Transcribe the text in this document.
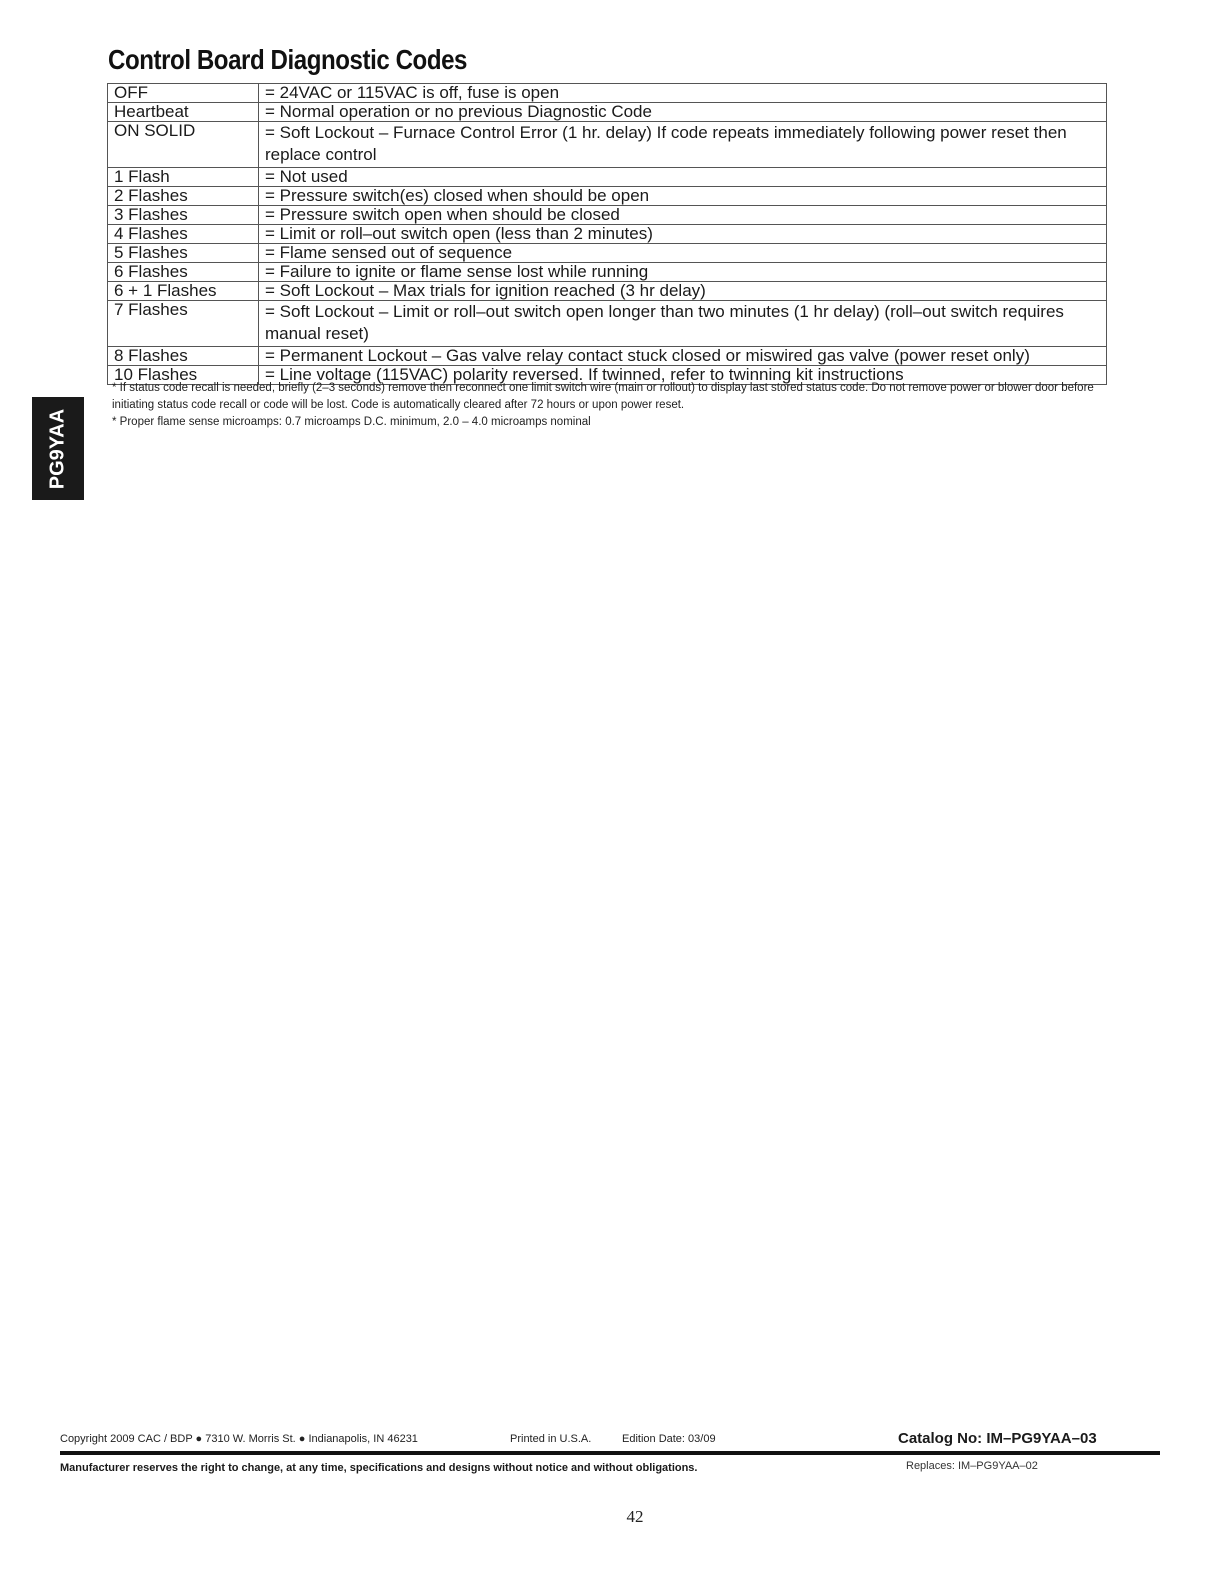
Control Board Diagnostic Codes
OFF	= 24VAC or 115VAC is off, fuse is open
Heartbeat	= Normal operation or no previous Diagnostic Code
ON SOLID	= Soft Lockout – Furnace Control Error (1 hr. delay) If code repeats immediately following power reset then replace control
1 Flash	= Not used
2 Flashes	= Pressure switch(es) closed when should be open
3 Flashes	= Pressure switch open when should be closed
4 Flashes	= Limit or roll–out switch open (less than 2 minutes)
5 Flashes	= Flame sensed out of sequence
6 Flashes	= Failure to ignite or flame sense lost while running
6 + 1 Flashes	= Soft Lockout – Max trials for ignition reached (3 hr delay)
7 Flashes	= Soft Lockout – Limit or roll–out switch open longer than two minutes (1 hr delay) (roll–out switch requires manual reset)
8 Flashes	= Permanent Lockout – Gas valve relay contact stuck closed or miswired gas valve (power reset only)
10 Flashes	= Line voltage (115VAC) polarity reversed. If twinned, refer to twinning kit instructions

* If status code recall is needed, briefly (2–3 seconds) remove then reconnect one limit switch wire (main or rollout) to display last stored status code. Do not remove power or blower door before initiating status code recall or code will be lost. Code is automatically cleared after 72 hours or upon power reset.

* Proper flame sense microamps: 0.7 microamps D.C. minimum, 2.0 – 4.0 microamps nominal

PG9YAA
Copyright 2009 CAC / BDP ● 7310 W. Morris St. ● Indianapolis, IN 46231	Printed in U.S.A.	Edition Date: 03/09	Catalog No: IM–PG9YAA–03
Manufacturer reserves the right to change, at any time, specifications and designs without notice and without obligations.	Replaces: IM–PG9YAA–02
42
